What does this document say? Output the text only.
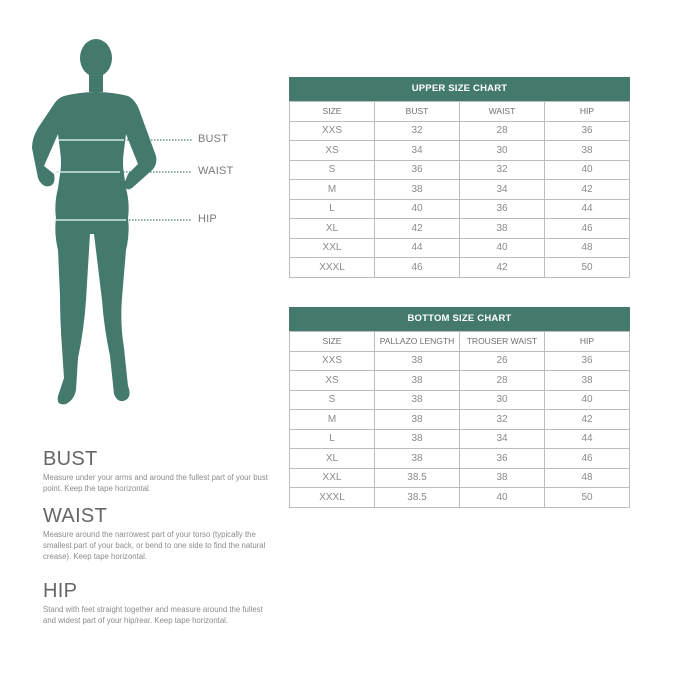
BUST
WAIST
HIP
UPPER SIZE CHART
SIZE	BUST	WAIST	HIP
XXS	32	28	36
XS	34	30	38
S	36	32	40
M	38	34	42
L	40	36	44
XL	42	38	46
XXL	44	40	48
XXXL	46	42	50
BOTTOM SIZE CHART
SIZE	PALLAZO LENGTH	TROUSER WAIST	HIP
XXS	38	26	36
XS	38	28	38
S	38	30	40
M	38	32	42
L	38	34	44
XL	38	36	46
XXL	38.5	38	48
XXXL	38.5	40	50
BUST

Measure under your arms and around the fullest part of your bust point. Keep the tape horizontal.

WAIST

Measure around the narrowest part of your torso (typically the smallest part of your back, or bend to one side to find the natural crease). Keep tape horizontal.

HIP

Stand with feet straight together and measure around the fullest and widest part of your hip/rear. Keep tape horizontal.
